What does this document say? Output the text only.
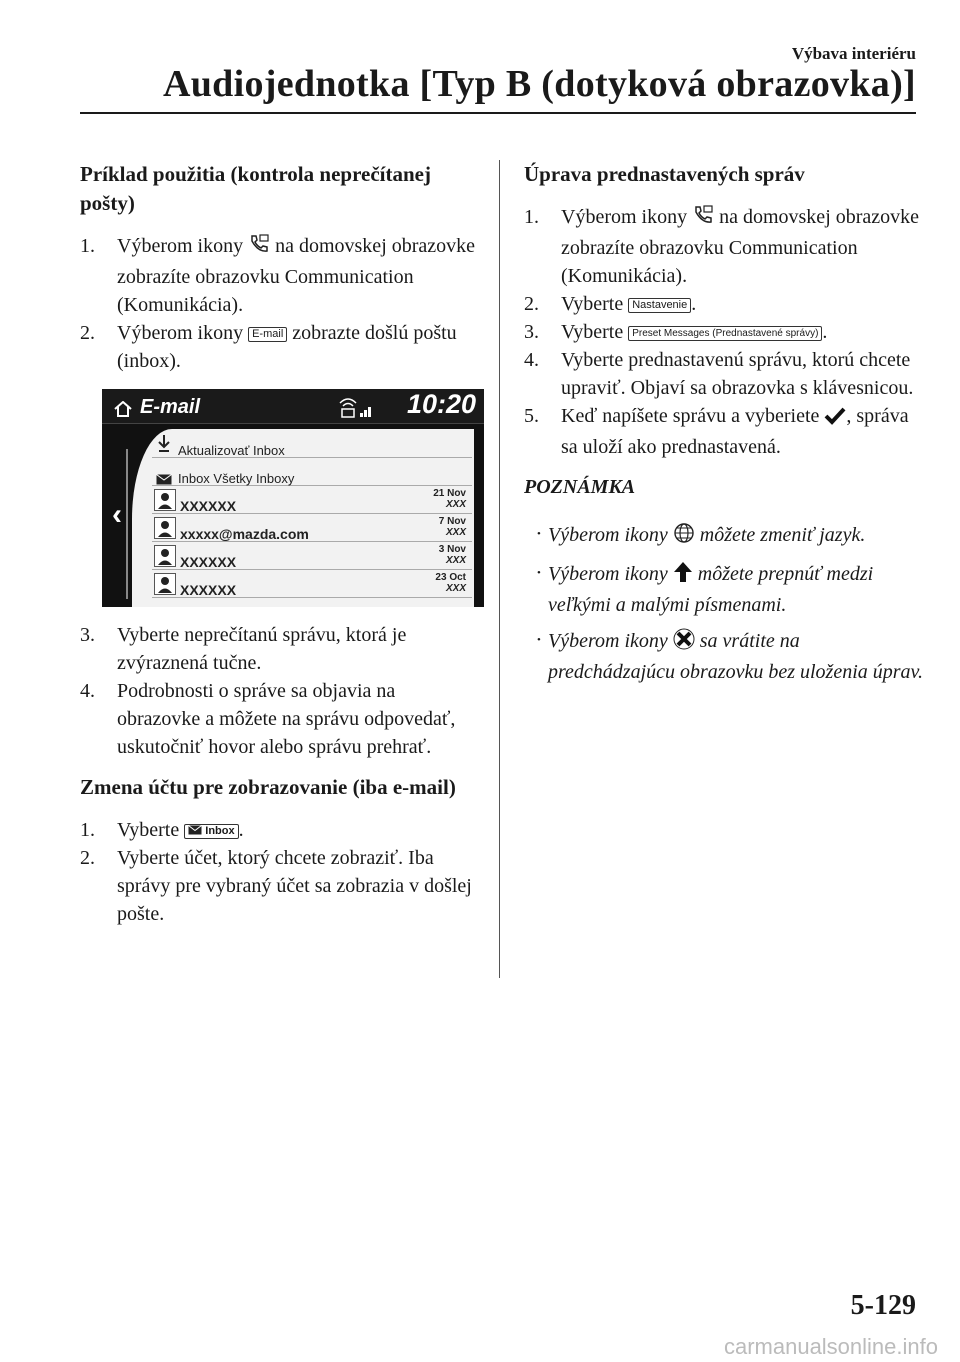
Výbava interiéru
Audiojednotka [Typ B (dotyková obrazovka)]
Príklad použitia (kontrola neprečítanej pošty)
1. Výberom ikony na domovskej obrazovke zobrazíte obrazovku Communication (Komunikácia).
2. Výberom ikony E-mail zobrazte došlú poštu (inbox).
E-mail	10:20
‹
Aktualizovať Inbox
Inbox Všetky Inboxy
XXXXXX
21 Nov
XXX
xxxxx@mazda.com
7 Nov
XXX
XXXXXX
3 Nov
XXX
XXXXXX
23 Oct
XXX
3. Vyberte neprečítanú správu, ktorá je zvýraznená tučne.
4. Podrobnosti o správe sa objavia na obrazovke a môžete na správu odpovedať, uskutočniť hovor alebo správu prehrať.
Zmena účtu pre zobrazovanie (iba e-mail)
1. Vyberte Inbox .
2. Vyberte účet, ktorý chcete zobraziť. Iba správy pre vybraný účet sa zobrazia v došlej pošte.
Úprava prednastavených správ
1. Výberom ikony na domovskej obrazovke zobrazíte obrazovku Communication (Komunikácia).
2. Vyberte Nastavenie .
3. Vyberte Preset Messages (Prednastavené správy) .
4. Vyberte prednastavenú správu, ktorú chcete upraviť. Objaví sa obrazovka s klávesnicou.
5. Keď napíšete správu a vyberiete , správa sa uloží ako prednastavená.
POZNÁMKA
• Výberom ikony môžete zmeniť jazyk.
• Výberom ikony môžete prepnúť medzi veľkými a malými písmenami.
• Výberom ikony sa vrátite na predchádzajúcu obrazovku bez uloženia úprav.
5-129
carmanualsonline.info
